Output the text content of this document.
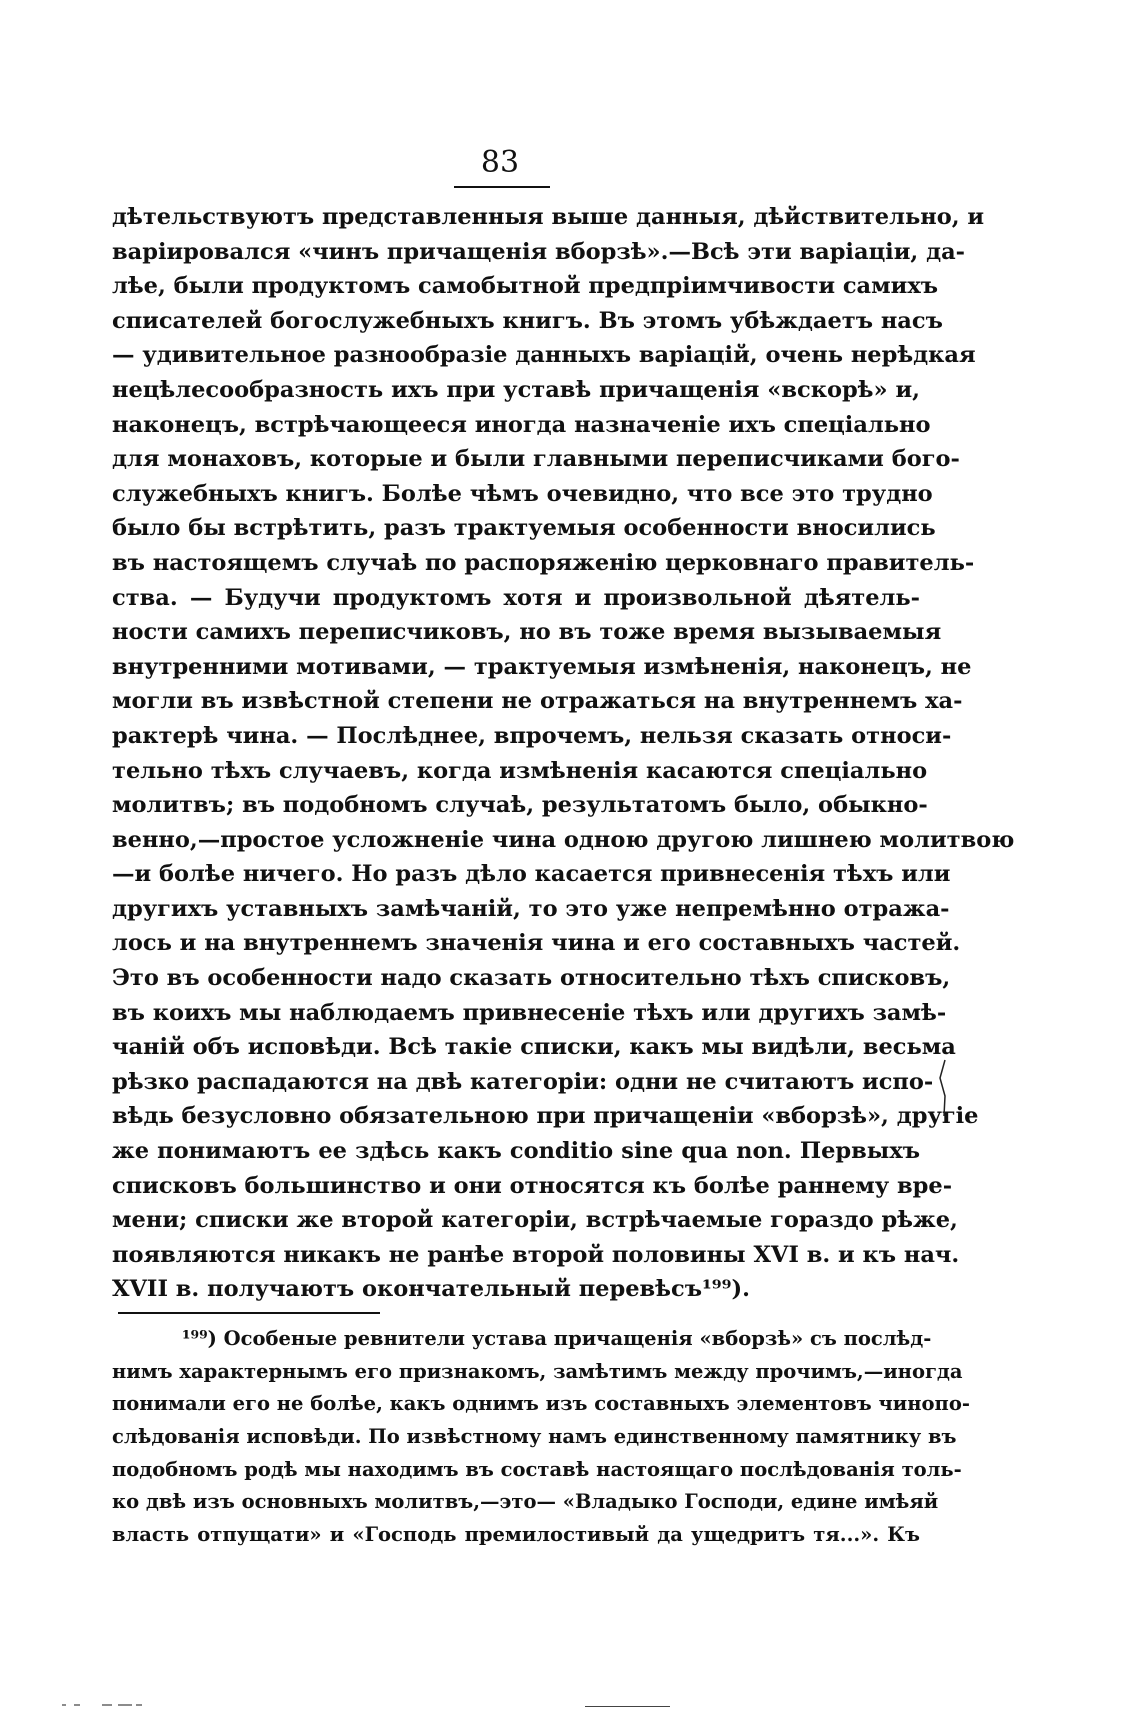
83
дѣтельствуютъ представленныя выше данныя, дѣйствительно, и
варіировался «чинъ причащенія вборзѣ».—Всѣ эти варіаціи, да-
лѣе, были продуктомъ самобытной предпріимчивости самихъ
списателей богослужебныхъ книгъ. Въ этомъ убѣждаетъ насъ
— удивительное разнообразіе данныхъ варіацій, очень нерѣдкая
нецѣлесообразность ихъ при уставѣ причащенія «вскорѣ» и,
наконецъ, встрѣчающееся иногда назначеніе ихъ спеціально
для монаховъ, которые и были главными переписчиками бого-
служебныхъ книгъ. Болѣе чѣмъ очевидно, что все это трудно
было бы встрѣтить, разъ трактуемыя особенности вносились
въ настоящемъ случаѣ по распоряженію церковнаго правитель-
ства. — Будучи продуктомъ хотя и произвольной дѣятель-
ности самихъ переписчиковъ, но въ тоже время вызываемыя
внутренними мотивами, — трактуемыя измѣненія, наконецъ, не
могли въ извѣстной степени не отражаться на внутреннемъ ха-
рактерѣ чина. — Послѣднее, впрочемъ, нельзя сказать относи-
тельно тѣхъ случаевъ, когда измѣненія касаются спеціально
молитвъ; въ подобномъ случаѣ, результатомъ было, обыкно-
венно,—простое усложненіе чина одною другою лишнею молитвою
—и болѣе ничего. Но разъ дѣло касается привнесенія тѣхъ или
другихъ уставныхъ замѣчаній, то это уже непремѣнно отража-
лось и на внутреннемъ значенія чина и его составныхъ частей.
Это въ особенности надо сказать относительно тѣхъ списковъ,
въ коихъ мы наблюдаемъ привнесеніе тѣхъ или другихъ замѣ-
чаній объ исповѣди. Всѣ такіе списки, какъ мы видѣли, весьма
рѣзко распадаются на двѣ категоріи: одни не считаютъ испо-
вѣдь безусловно обязательною при причащеніи «вборзѣ», другіе
же понимаютъ ее здѣсь какъ conditio sine qua non. Первыхъ
списковъ большинство и они относятся къ болѣе раннему вре-
мени; списки же второй категоріи, встрѣчаемые гораздо рѣже,
появляются никакъ не ранѣе второй половины XVI в. и къ нач.
XVII в. получаютъ окончательный перевѣсъ¹⁹⁹).
¹⁹⁹) Особеные ревнители устава причащенія «вборзѣ» съ послѣд-
нимъ характернымъ его признакомъ, замѣтимъ между прочимъ,—иногда
понимали его не болѣе, какъ однимъ изъ составныхъ элементовъ чинопо-
слѣдованія исповѣди. По извѣстному намъ единственному памятнику въ
подобномъ родѣ мы находимъ въ составѣ настоящаго послѣдованія толь-
ко двѣ изъ основныхъ молитвъ,—это— «Владыко Господи, едине имѣяй
власть отпущати» и «Господь премилостивый да ущедритъ тя...». Къ
